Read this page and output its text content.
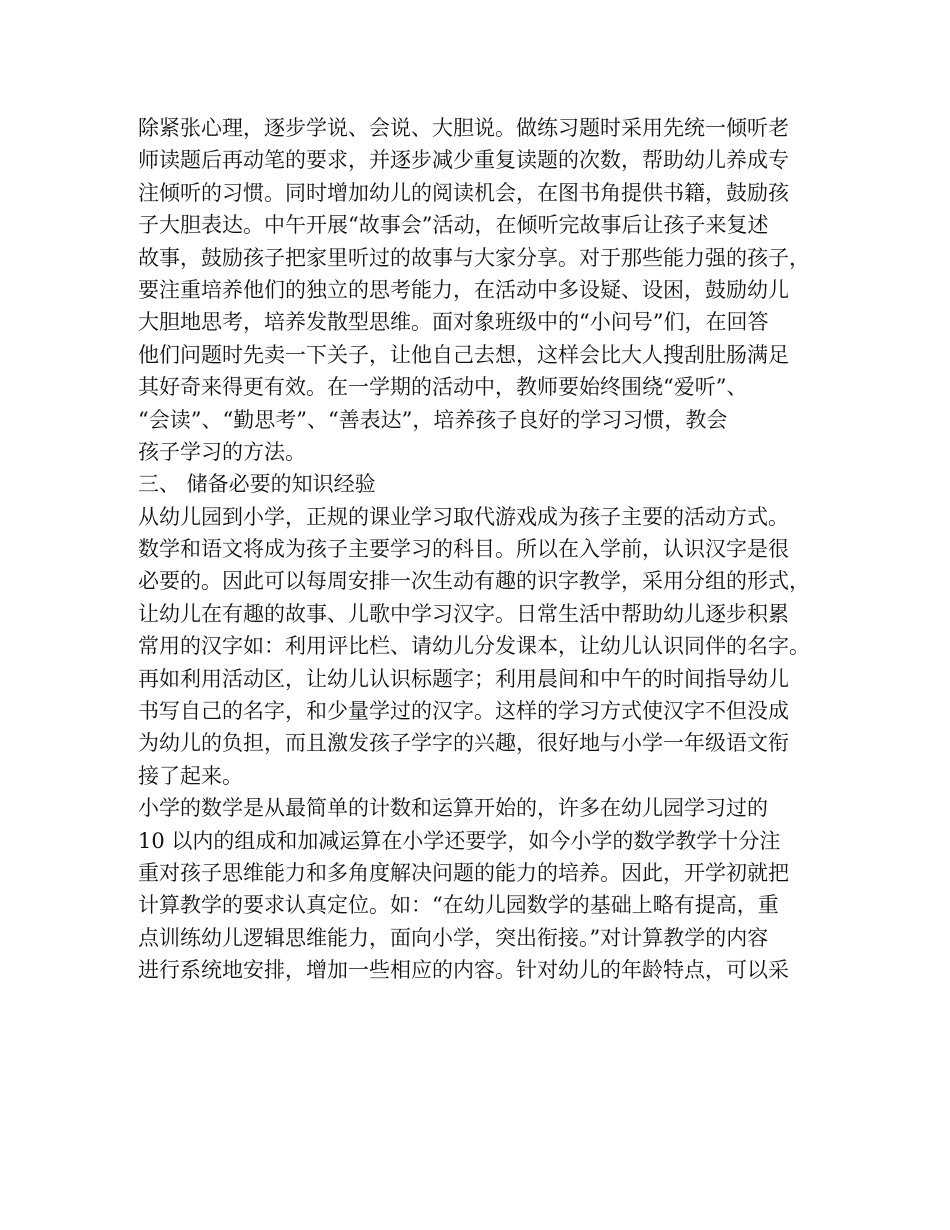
除紧张心理，逐步学说、会说、大胆说。做练习题时采用先统一倾听老
师读题后再动笔的要求，并逐步减少重复读题的次数，帮助幼儿养成专
注倾听的习惯。同时增加幼儿的阅读机会，在图书角提供书籍，鼓励孩
子大胆表达。中午开展“故事会”活动，在倾听完故事后让孩子来复述
故事，鼓励孩子把家里听过的故事与大家分享。对于那些能力强的孩子，
要注重培养他们的独立的思考能力，在活动中多设疑、设困，鼓励幼儿
大胆地思考，培养发散型思维。面对象班级中的“小问号”们，在回答
他们问题时先卖一下关子，让他自己去想，这样会比大人搜刮肚肠满足
其好奇来得更有效。在一学期的活动中，教师要始终围绕“爱听”、
“会读”、“勤思考”、“善表达”，培养孩子良好的学习习惯，教会
孩子学习的方法。
三、 储备必要的知识经验
从幼儿园到小学，正规的课业学习取代游戏成为孩子主要的活动方式。
数学和语文将成为孩子主要学习的科目。所以在入学前，认识汉字是很
必要的。因此可以每周安排一次生动有趣的识字教学，采用分组的形式，
让幼儿在有趣的故事、儿歌中学习汉字。日常生活中帮助幼儿逐步积累
常用的汉字如：利用评比栏、请幼儿分发课本，让幼儿认识同伴的名字。
再如利用活动区，让幼儿认识标题字；利用晨间和中午的时间指导幼儿
书写自己的名字，和少量学过的汉字。这样的学习方式使汉字不但没成
为幼儿的负担，而且激发孩子学字的兴趣，很好地与小学一年级语文衔
接了起来。
小学的数学是从最简单的计数和运算开始的，许多在幼儿园学习过的
10 以内的组成和加减运算在小学还要学，如今小学的数学教学十分注
重对孩子思维能力和多角度解决问题的能力的培养。因此，开学初就把
计算教学的要求认真定位。如：“在幼儿园数学的基础上略有提高，重
点训练幼儿逻辑思维能力，面向小学，突出衔接。”对计算教学的内容
进行系统地安排，增加一些相应的内容。针对幼儿的年龄特点，可以采
